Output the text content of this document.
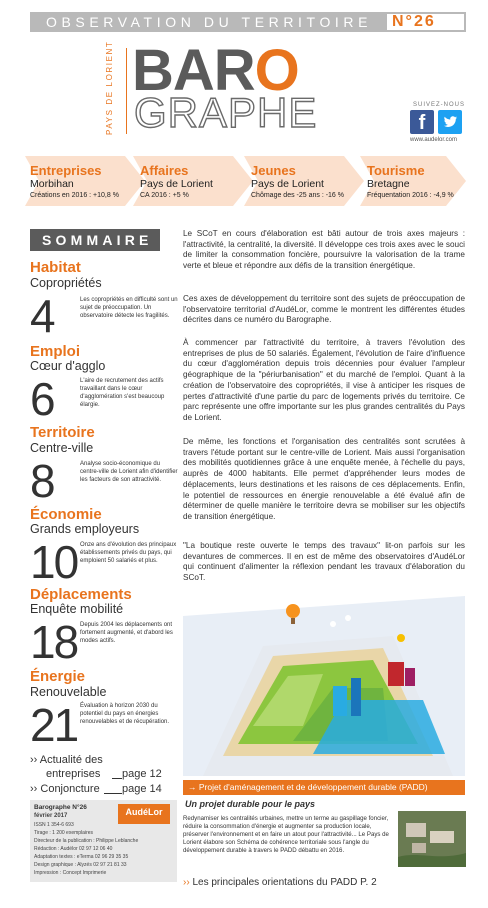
OBSERVATION DU TERRITOIRE N°26
PAYS DE LORIENT BARO
GRAPHE	SUIVEZ-NOUS
f
www.audelor.com
Entreprises
Morbihan
Créations en 2016 : +10,8 %
Affaires
Pays de Lorient
CA 2016 : +5 %
Jeunes
Pays de Lorient
Chômage des -25 ans : -16 %
Tourisme
Bretagne
Fréquentation 2016 : -4,9 %
SOMMAIRE
Habitat
Copropriétés
4	Les copropriétés en difficulté sont un sujet de préoccupation. Un observatoire détecte les fragilités.
Emploi
Cœur d'agglo
6	L'aire de recrutement des actifs travaillant dans le cœur d'agglomération s'est beaucoup élargie.
Territoire
Centre-ville
8	Analyse socio-économique du centre-ville de Lorient afin d'identifier les facteurs de son attractivité.
Économie
Grands employeurs
10 Onze ans d'évolution des principaux établissements privés du pays, qui emploient 50 salariés et plus.
Déplacements
Enquête mobilité
18 Depuis 2004 les déplacements ont fortement augmenté, et d'abord les modes actifs.
Énergie
Renouvelable
21 Évaluation à horizon 2030 du potentiel du pays en énergies renouvelables et de récupération.
›› Actualité des
entreprises page 12
›› Conjoncture page 14
Barographe N°26
février 2017
ISSN 1 354-6 693
Tirage : 1 200 exemplaires
Directeur de la publication : Philippe Leblanche
Rédaction : Audélor 02 97 12 06 40
Adaptation textes : eTerma 02 96 29 35 35
Design graphique : Alyzés 02 97 21 81 33
Impression : Concept Imprimerie
AudéLor
Le SCoT en cours d'élaboration est bâti autour de trois axes majeurs : l'attractivité, la centralité, la diversité. Il développe ces trois axes avec le souci de limiter la consommation foncière, poursuivre la valorisation de la trame verte et bleue et répondre aux défis de la transition énergétique.
Ces axes de développement du territoire sont des sujets de préoccupation de l'observatoire territorial d'AudéLor, comme le montrent les différentes études décrites dans ce numéro du Barographe.
À commencer par l'attractivité du territoire, à travers l'évolution des entreprises de plus de 50 salariés. Également, l'évolution de l'aire d'influence du cœur d'agglomération depuis trois décennies pour évaluer l'ampleur géographique de la "périurbanisation" et du marché de l'emploi. Quant à la création de l'observatoire des copropriétés, il vise à anticiper les risques de pertes d'attractivité d'une partie du parc de logements privés du territoire. Ce parc représente une offre importante sur les plus grandes centralités du Pays de Lorient.
De même, les fonctions et l'organisation des centralités sont scrutées à travers l'étude portant sur le centre-ville de Lorient. Mais aussi l'organisation des mobilités quotidiennes grâce à une enquête menée, à l'échelle du pays, auprès de 4000 habitants. Elle permet d'appréhender leurs modes de déplacements, leurs destinations et les raisons de ces déplacements. Enfin, le potentiel de ressources en énergie renouvelable a été évalué afin de déterminer de quelle manière le territoire devra se mobiliser sur les objectifs de transition énergétique.
"La boutique reste ouverte le temps des travaux" lit-on parfois sur les devantures de commerces. Il en est de même des observatoires d'AudéLor qui continuent d'alimenter la réflexion pendant les travaux d'élaboration du SCoT.
→ Projet d'aménagement et de développement durable (PADD)
Un projet durable pour le pays
Redynamiser les centralités urbaines, mettre un terme au gaspillage foncier, réduire la consommation d'énergie et augmenter sa production locale, préserver l'environnement et en faire un atout pour l'attractivité... Le Pays de Lorient élabore son Schéma de cohérence territoriale sous l'angle du développement durable à travers le PADD débattu en 2016.
›› Les principales orientations du PADD P. 2
